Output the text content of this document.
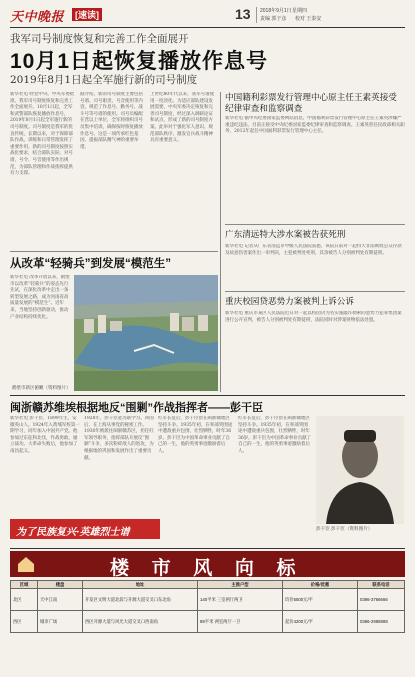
天中晚报	[速读]	13 2018年9月1日 星期四
责编 郭子彦 校对 王泰安
我军司号制度恢复和完善工作全面展开
10月1日起恢复播放作息号
2019年8月1日起全军施行新的司号制度
新华社电 经党中央、中央军委批准，我军司号制度恢复和完善工作全面展开。10月1日起，全军和武警部队恢复播放作息号，2019年8月1日起全军施行新的司号制度。司号制度是我军的优良传统，长期以来，对于保障部队作战、训练和日常管理发挥了重要作用。新的司号制度按照实战化要求，结合部队实际，对号谱、号令、号音使用等作出规范，为部队管理和作战指挥提供有力支撑。
据介绍，新的司号制度主要包括号谱、司号职责、号音使用等内容，规范了作息号、勤务号、战斗号等号谱的使用。司号员编配在营以上单位，全军将组织司号员集中培训，确保按时恢复播放作息号。这是一项传承红色基因、提振部队精气神的重要举措。
上世纪80年代以来，我军号谱使用一度淡化。为适应部队建设发展需要，中央军委决定恢复和完善司号制度，经过深入调研论证和试点，形成了新的司号制度方案。此举对于强化军人意识、规范部队秩序、激发官兵战斗精神具有重要意义。
中国籍利彩票发行管理中心原主任王素英接受纪律审查和监察调查
新华社电 据中央纪委国家监委网站消息，中国福利彩票发行管理中心原主任王素英涉嫌严重违纪违法，目前正接受中央纪委国家监委纪律审查和监察调查。王素英曾任民政部相关职务，2012年起任中国福利彩票发行管理中心主任。
广东清远特大涉水案被告获死刑
新华社电 记者从广东省清远市中级人民法院获悉，该院日前对一起特大非法吸收公众存款及故意伤害案作出一审判决，主犯被判处死刑，其余被告人分别被判处有期徒刑。
重庆校园贷恶势力案被判上诉公诉
新华社电 重庆市某区人民法院近日对一起以校园贷为名实施敲诈勒索的恶势力犯罪集团案进行公开宣判，被告人分别被判处有期徒刑，法院同时对涉案财物依法处置。
从改革“轻骑兵”到发展“模范生”
新华社电 改革开放以来，鹤壁市以改革“轻骑兵”的姿态先行先试，在深化改革中走出一条转型发展之路，成为河南省高质量发展的“模范生”。近年来，当地坚持创新驱动，推动产业结构持续优化。
鹤壁市新区俯瞰（资料图片）
闽浙赣苏维埃根据地反“围剿”作战指挥者——彭干臣
新华社电 彭干臣，1899年生，安徽英山人。1924年入黄埔军校第一期学习，同年加入中国共产党。他参加过东征和北伐，作战勇敢，屡立战功。大革命失败后，他参加了南昌起义。
1928年，彭干臣赴苏联学习。回国后，在上海从事党的秘密工作。1930年被派往闽浙赣苏区，担任红军领导职务，指挥部队开展反“围剿”斗争，多次粉碎敌人的进攻，为根据地的巩固和发展作出了重要贡献。
红军长征后，彭干臣留在闽浙赣地区坚持斗争。1935年初，在率部突围途中遭敌重兵包围，壮烈牺牲，时年36岁。彭干臣为中国革命事业贡献了自己的一生，他的英勇事迹激励着后人。
红军长征后，彭干臣留在闽浙赣地区坚持斗争。1935年初，在率部突围途中遭敌重兵包围，壮烈牺牲，时年36岁。彭干臣为中国革命事业贡献了自己的一生，他的英勇事迹激励着后人。
彭干臣 彭干臣（资料图片）
为了民族复兴·英雄烈士谱
楼 市 风 向 标
区域	楼盘	地址	主推户型	价格/优惠	联系电话
北区	天中江南	开发区文明大道北段与开源大道交叉口东北角	140平米 三室两厅两卫	均价5500元/平	0396-3766666
西区	城市广场	西区开源大道与风光大道交叉口西南角	89平米 两室两厅一卫	起价4200元/平	0396-2988888
